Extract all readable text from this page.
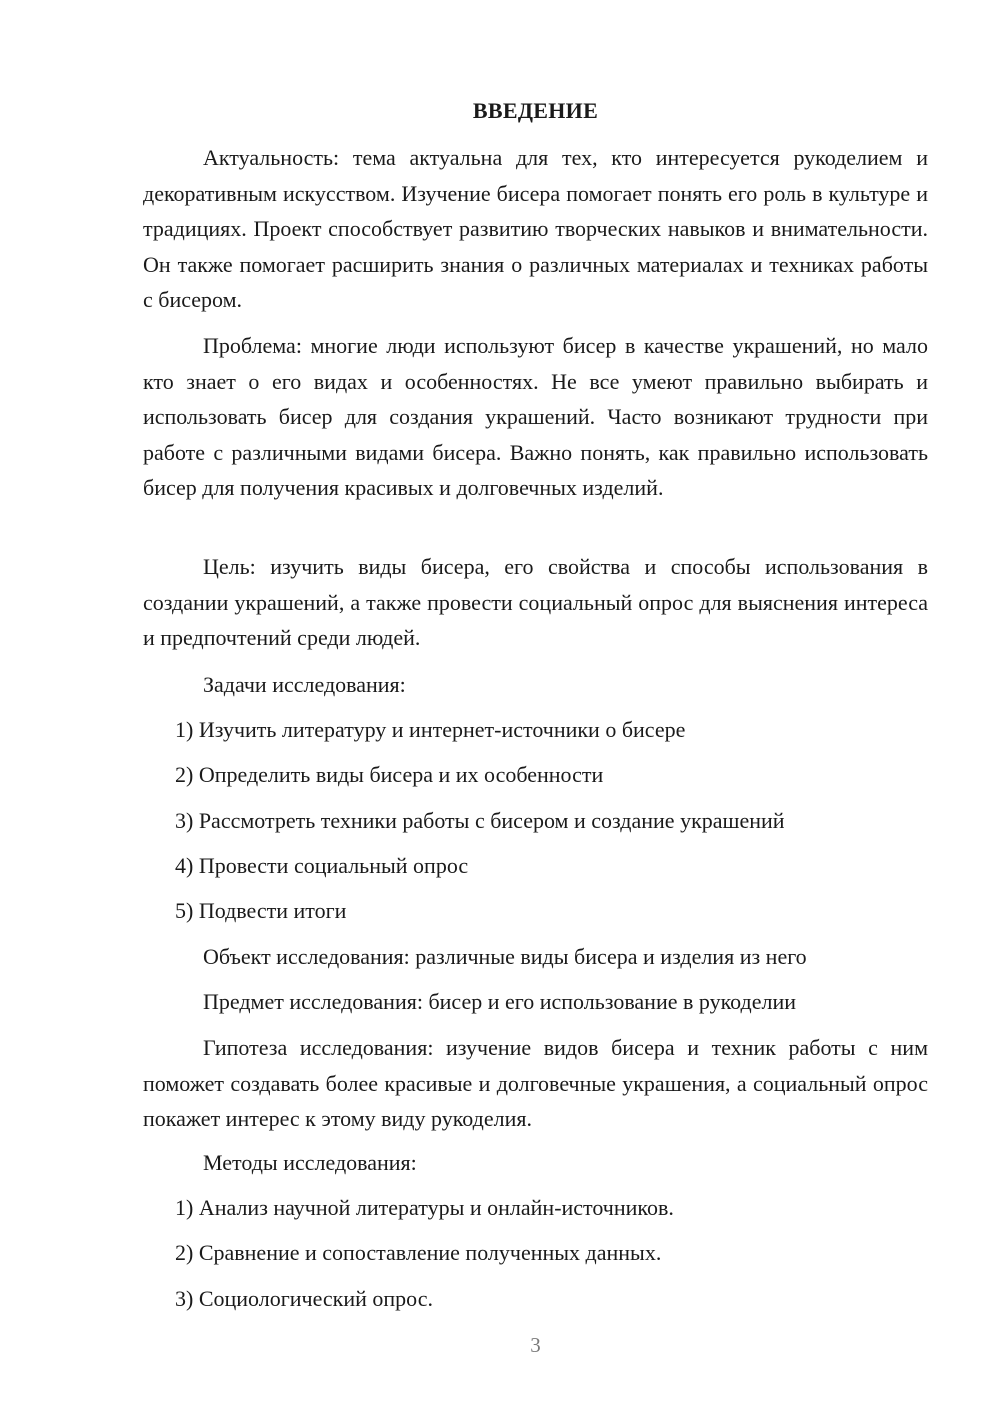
ВВЕДЕНИЕ

Актуальность: тема актуальна для тех, кто интересуется рукоделием и декоративным искусством. Изучение бисера помогает понять его роль в культуре и традициях. Проект способствует развитию творческих навыков и внимательности. Он также помогает расширить знания о различных материалах и техниках работы с бисером.

Проблема: многие люди используют бисер в качестве украшений, но мало кто знает о его видах и особенностях. Не все умеют правильно выбирать и использовать бисер для создания украшений. Часто возникают трудности при работе с различными видами бисера. Важно понять, как правильно использовать бисер для получения красивых и долговечных изделий.

Цель: изучить виды бисера, его свойства и способы использования в создании украшений, а также провести социальный опрос для выяснения интереса и предпочтений среди людей.

Задачи исследования:

1) Изучить литературу и интернет-источники о бисере

2) Определить виды бисера и их особенности

3) Рассмотреть техники работы с бисером и создание украшений

4) Провести социальный опрос

5) Подвести итоги

Объект исследования: различные виды бисера и изделия из него

Предмет исследования: бисер и его использование в рукоделии

Гипотеза исследования: изучение видов бисера и техник работы с ним поможет создавать более красивые и долговечные украшения, а социальный опрос покажет интерес к этому виду рукоделия.

Методы исследования:

1) Анализ научной литературы и онлайн-источников.

2) Сравнение и сопоставление полученных данных.

3) Социологический опрос.

3
